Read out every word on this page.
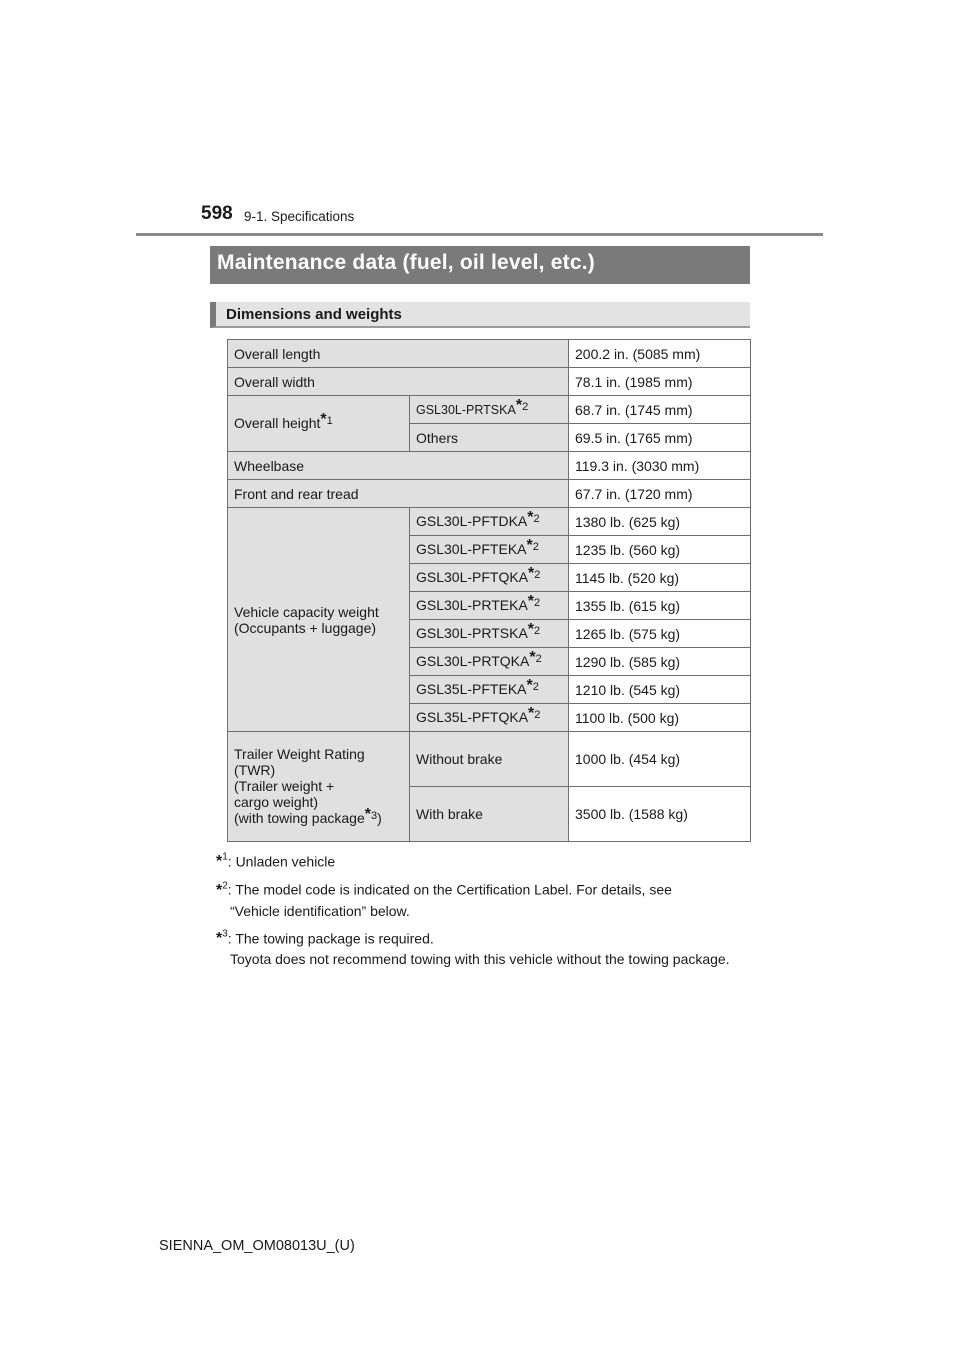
598 9-1. Specifications
Maintenance data (fuel, oil level, etc.)
Dimensions and weights
Overall length		200.2 in. (5085 mm)
Overall width		78.1 in. (1985 mm)
Overall height$^{*1}$	GSL30L-PRTSKA$^{*2}$	68.7 in. (1745 mm)
	Others	69.5 in. (1765 mm)
Wheelbase		119.3 in. (3030 mm)
Front and rear tread		67.7 in. (1720 mm)

Vehicle capacity weight
(Occupants + luggage)	GSL30L-PFTDKA$^{*2}$	1380 lb. (625 kg)
	GSL30L-PFTEKA$^{*2}$	1235 lb. (560 kg)
	GSL30L-PFTQKA$^{*2}$	1145 lb. (520 kg)
	GSL30L-PRTEKA$^{*2}$	1355 lb. (615 kg)
	GSL30L-PRTSKA$^{*2}$	1265 lb. (575 kg)
	GSL30L-PRTQKA$^{*2}$	1290 lb. (585 kg)
	GSL35L-PFTEKA$^{*2}$	1210 lb. (545 kg)
	GSL35L-PFTQKA$^{*2}$	1100 lb. (500 kg)

Trailer Weight Rating
(TWR)
(Trailer weight +
cargo weight)
(with towing package$^{*3}$)	Without brake	1000 lb. (454 kg)
	With brake	3500 lb. (1588 kg)
*$^1$: Unladen vehicle
*$^2$: The model code is indicated on the Certification Label. For details, see
“Vehicle identification” below.
*$^3$: The towing package is required.
Toyota does not recommend towing with this vehicle without the towing package.
SIENNA_OM_OM08013U_(U)
